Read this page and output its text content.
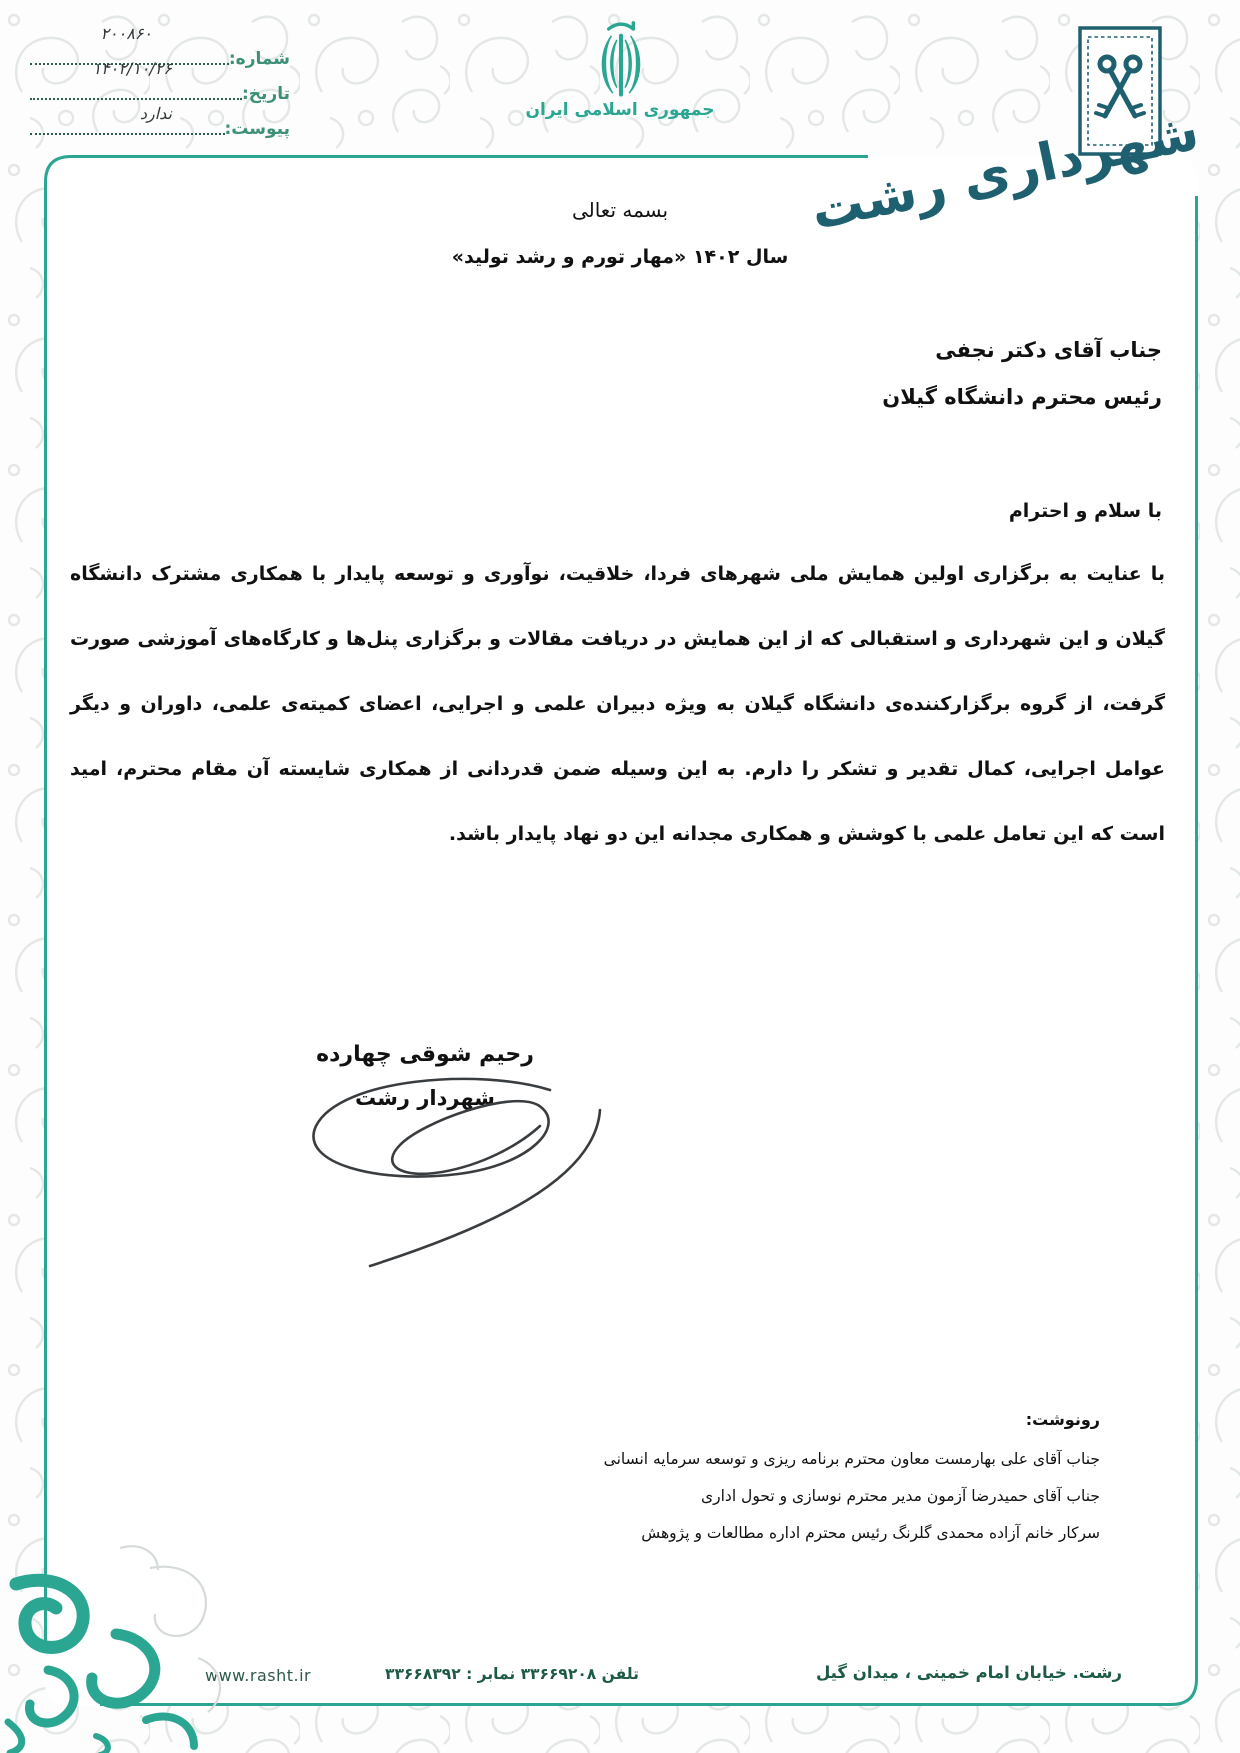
شماره:
۲۰۰۸۶۰
تاریخ:
۱۴۰۲/۱۰/۲۶
پیوست:
ندارد	جمهوری اسلامی ایران	شهرداری رشت
بسمه تعالی
سال ۱۴۰۲ «مهار تورم و رشد تولید»
جناب آقای دکتر نجفی
رئیس محترم دانشگاه گیلان
با سلام و احترام
با عنایت به برگزاری اولین همایش ملی شهرهای فردا، خلاقیت، نوآوری و توسعه پایدار با همکاری مشترک دانشگاه گیلان و این شهرداری و استقبالی که از این همایش در دریافت مقالات و برگزاری پنل‌ها و کارگاه‌های آموزشی صورت گرفت، از گروه برگزارکننده‌ی دانشگاه گیلان به ویژه دبیران علمی و اجرایی، اعضای کمیته‌ی علمی، داوران و دیگر عوامل اجرایی، کمال تقدیر و تشکر را دارم. به این وسیله ضمن قدردانی از همکاری شایسته آن مقام محترم، امید است که این تعامل علمی با کوشش و همکاری مجدانه این دو نهاد پایدار باشد.
رحیم شوقی چهارده
شهردار رشت
رونوشت:
جناب آقای علی بهارمست معاون محترم برنامه ریزی و توسعه سرمایه انسانی
جناب آقای حمیدرضا آزمون مدیر محترم نوسازی و تحول اداری
سرکار خانم آزاده محمدی گلرنگ رئیس محترم اداره مطالعات و پژوهش
رشت. خیابان امام خمینی ، میدان گیل
تلفن ۳۳۶۶۹۲۰۸ نمابر : ۳۳۶۶۸۳۹۲
www.rasht.ir
